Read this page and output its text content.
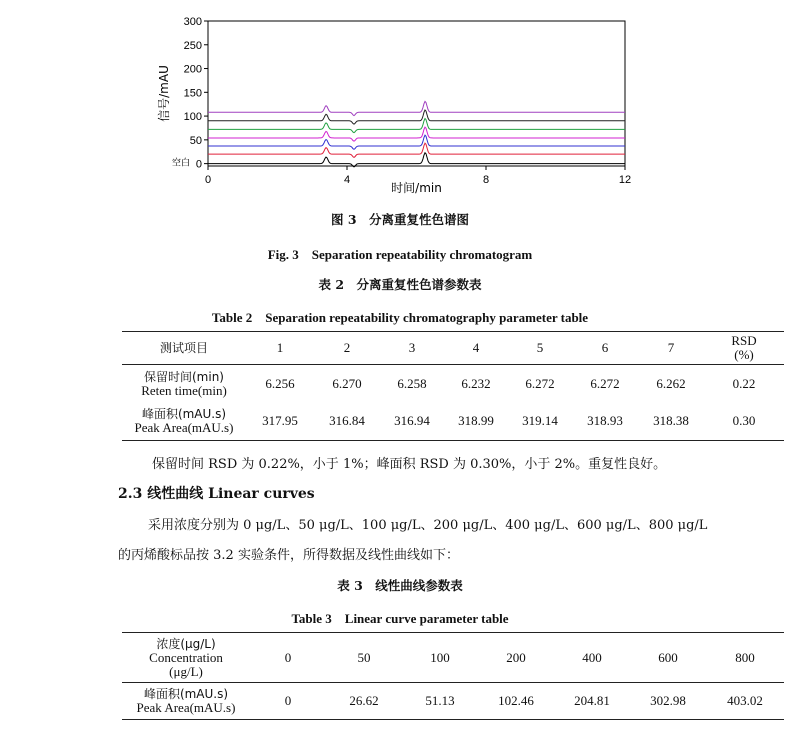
0
50
100
150
200
250
300
0	4	8	12
时间/min
信号/mAU
空白
图 3　分离重复性色谱图
Fig. 3　Separation repeatability chromatogram
表 2　分离重复性色谱参数表
Table 2　Separation repeatability chromatography parameter table
测试项目	1	2	3	4	5	6	7	RSD
(%)

保留时间(min)
Reten time(min)	6.256	6.270	6.258	6.232	6.272	6.272	6.262	0.22

峰面积(mAU.s)
Peak Area(mAU.s)	317.95	316.84	316.94	318.99	319.14	318.93	318.38	0.30
保留时间 RSD 为 0.22%，小于 1%；峰面积 RSD 为 0.30%，小于 2%。重复性良好。
2.3 线性曲线 Linear curves
采用浓度分别为 0 μg/L、50 μg/L、100 μg/L、200 μg/L、400 μg/L、600 μg/L、800 μg/L
的丙烯酸标品按 3.2 实验条件，所得数据及线性曲线如下：
表 3　线性曲线参数表
Table 3　Linear curve parameter table
浓度(μg/L)
Concentration
(μg/L)	0	50	100	200	400	600	800

峰面积(mAU.s)
Peak Area(mAU.s)	0	26.62	51.13	102.46	204.81	302.98	403.02
